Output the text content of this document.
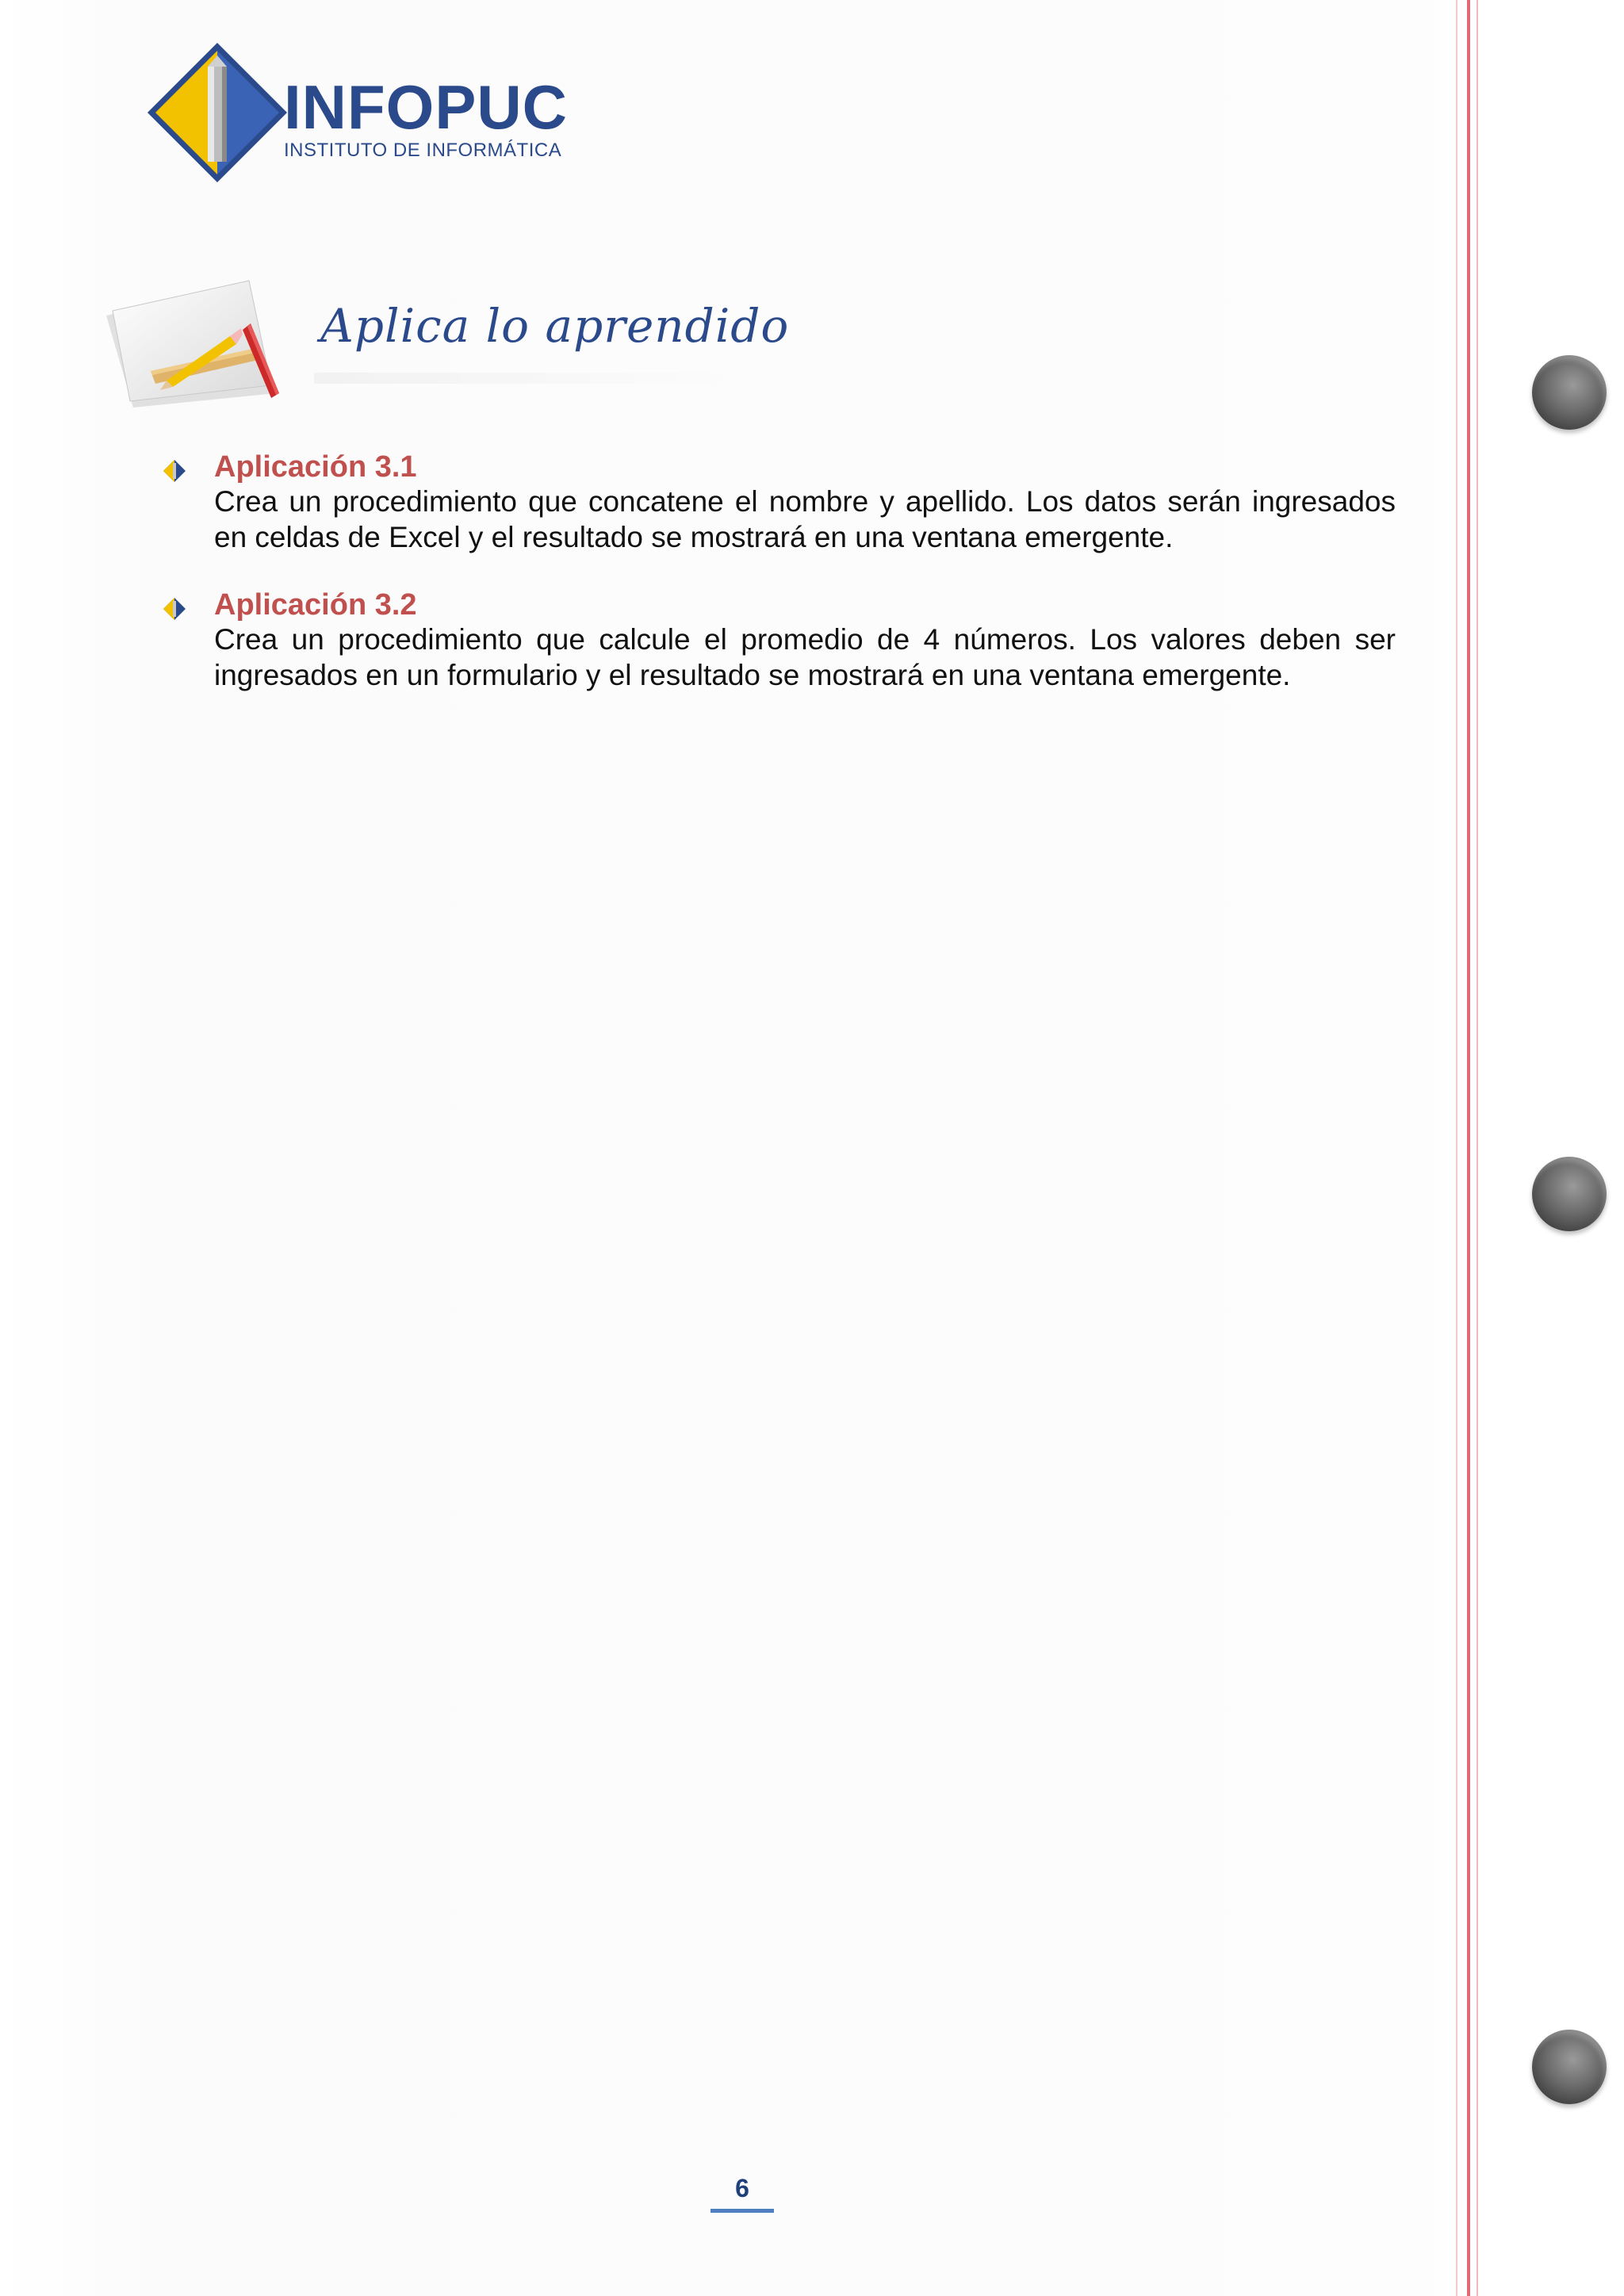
INFOPUC
INSTITUTO DE INFORMÁTICA
Aplica lo aprendido
Aplicación 3.1
Crea un procedimiento que concatene el nombre y apellido. Los datos serán ingresados en celdas de Excel y el resultado se mostrará en una ventana emergente.
Aplicación 3.2
Crea un procedimiento que calcule el promedio de 4 números. Los valores deben ser ingresados en un formulario y el resultado se mostrará en una ventana emergente.
6
